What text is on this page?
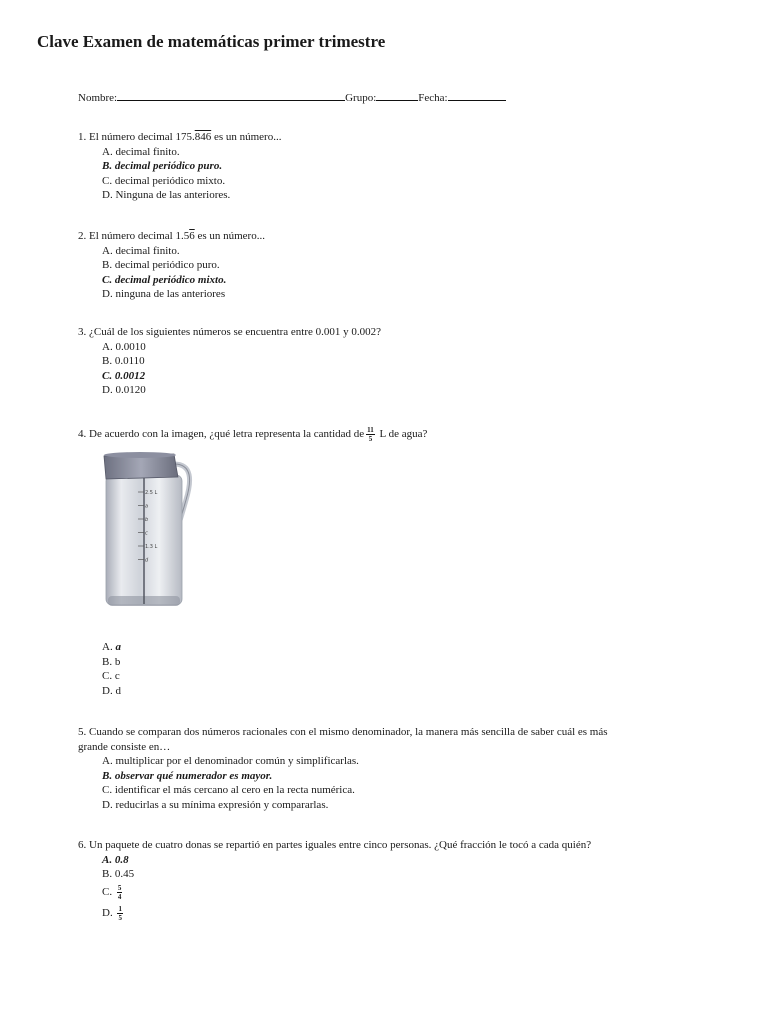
Clave Examen de matemáticas primer trimestre
Nombre:	Grupo:	Fecha:
1. El número decimal 175.846 es un número...
A. decimal finito.
B. decimal periódico puro.
C. decimal periódico mixto.
D. Ninguna de las anteriores.
2. El número decimal 1.56 es un número...
A. decimal finito.
B. decimal periódico puro.
C. decimal periódico mixto.
D. ninguna de las anteriores
3. ¿Cuál de los siguientes números se encuentra entre 0.001 y 0.002?
A. 0.0010
B. 0.0110
C. 0.0012
D. 0.0120
4. De acuerdo con la imagen, ¿qué letra representa la cantidad de $\frac{11}{5}$ L de agua?
2.5 L
a
b
c
1.3 L
d
A. a
B. b
C. c
D. d
5. Cuando se comparan dos números racionales con el mismo denominador, la manera más sencilla de saber cuál es más grande consiste en…
A. multiplicar por el denominador común y simplificarlas.
B. observar qué numerador es mayor.
C. identificar el más cercano al cero en la recta numérica.
D. reducirlas a su mínima expresión y compararlas.
6. Un paquete de cuatro donas se repartió en partes iguales entre cinco personas. ¿Qué fracción le tocó a cada quién?
A. 0.8
B. 0.45
C. $\frac{5}{4}$
D. $\frac{1}{5}$
